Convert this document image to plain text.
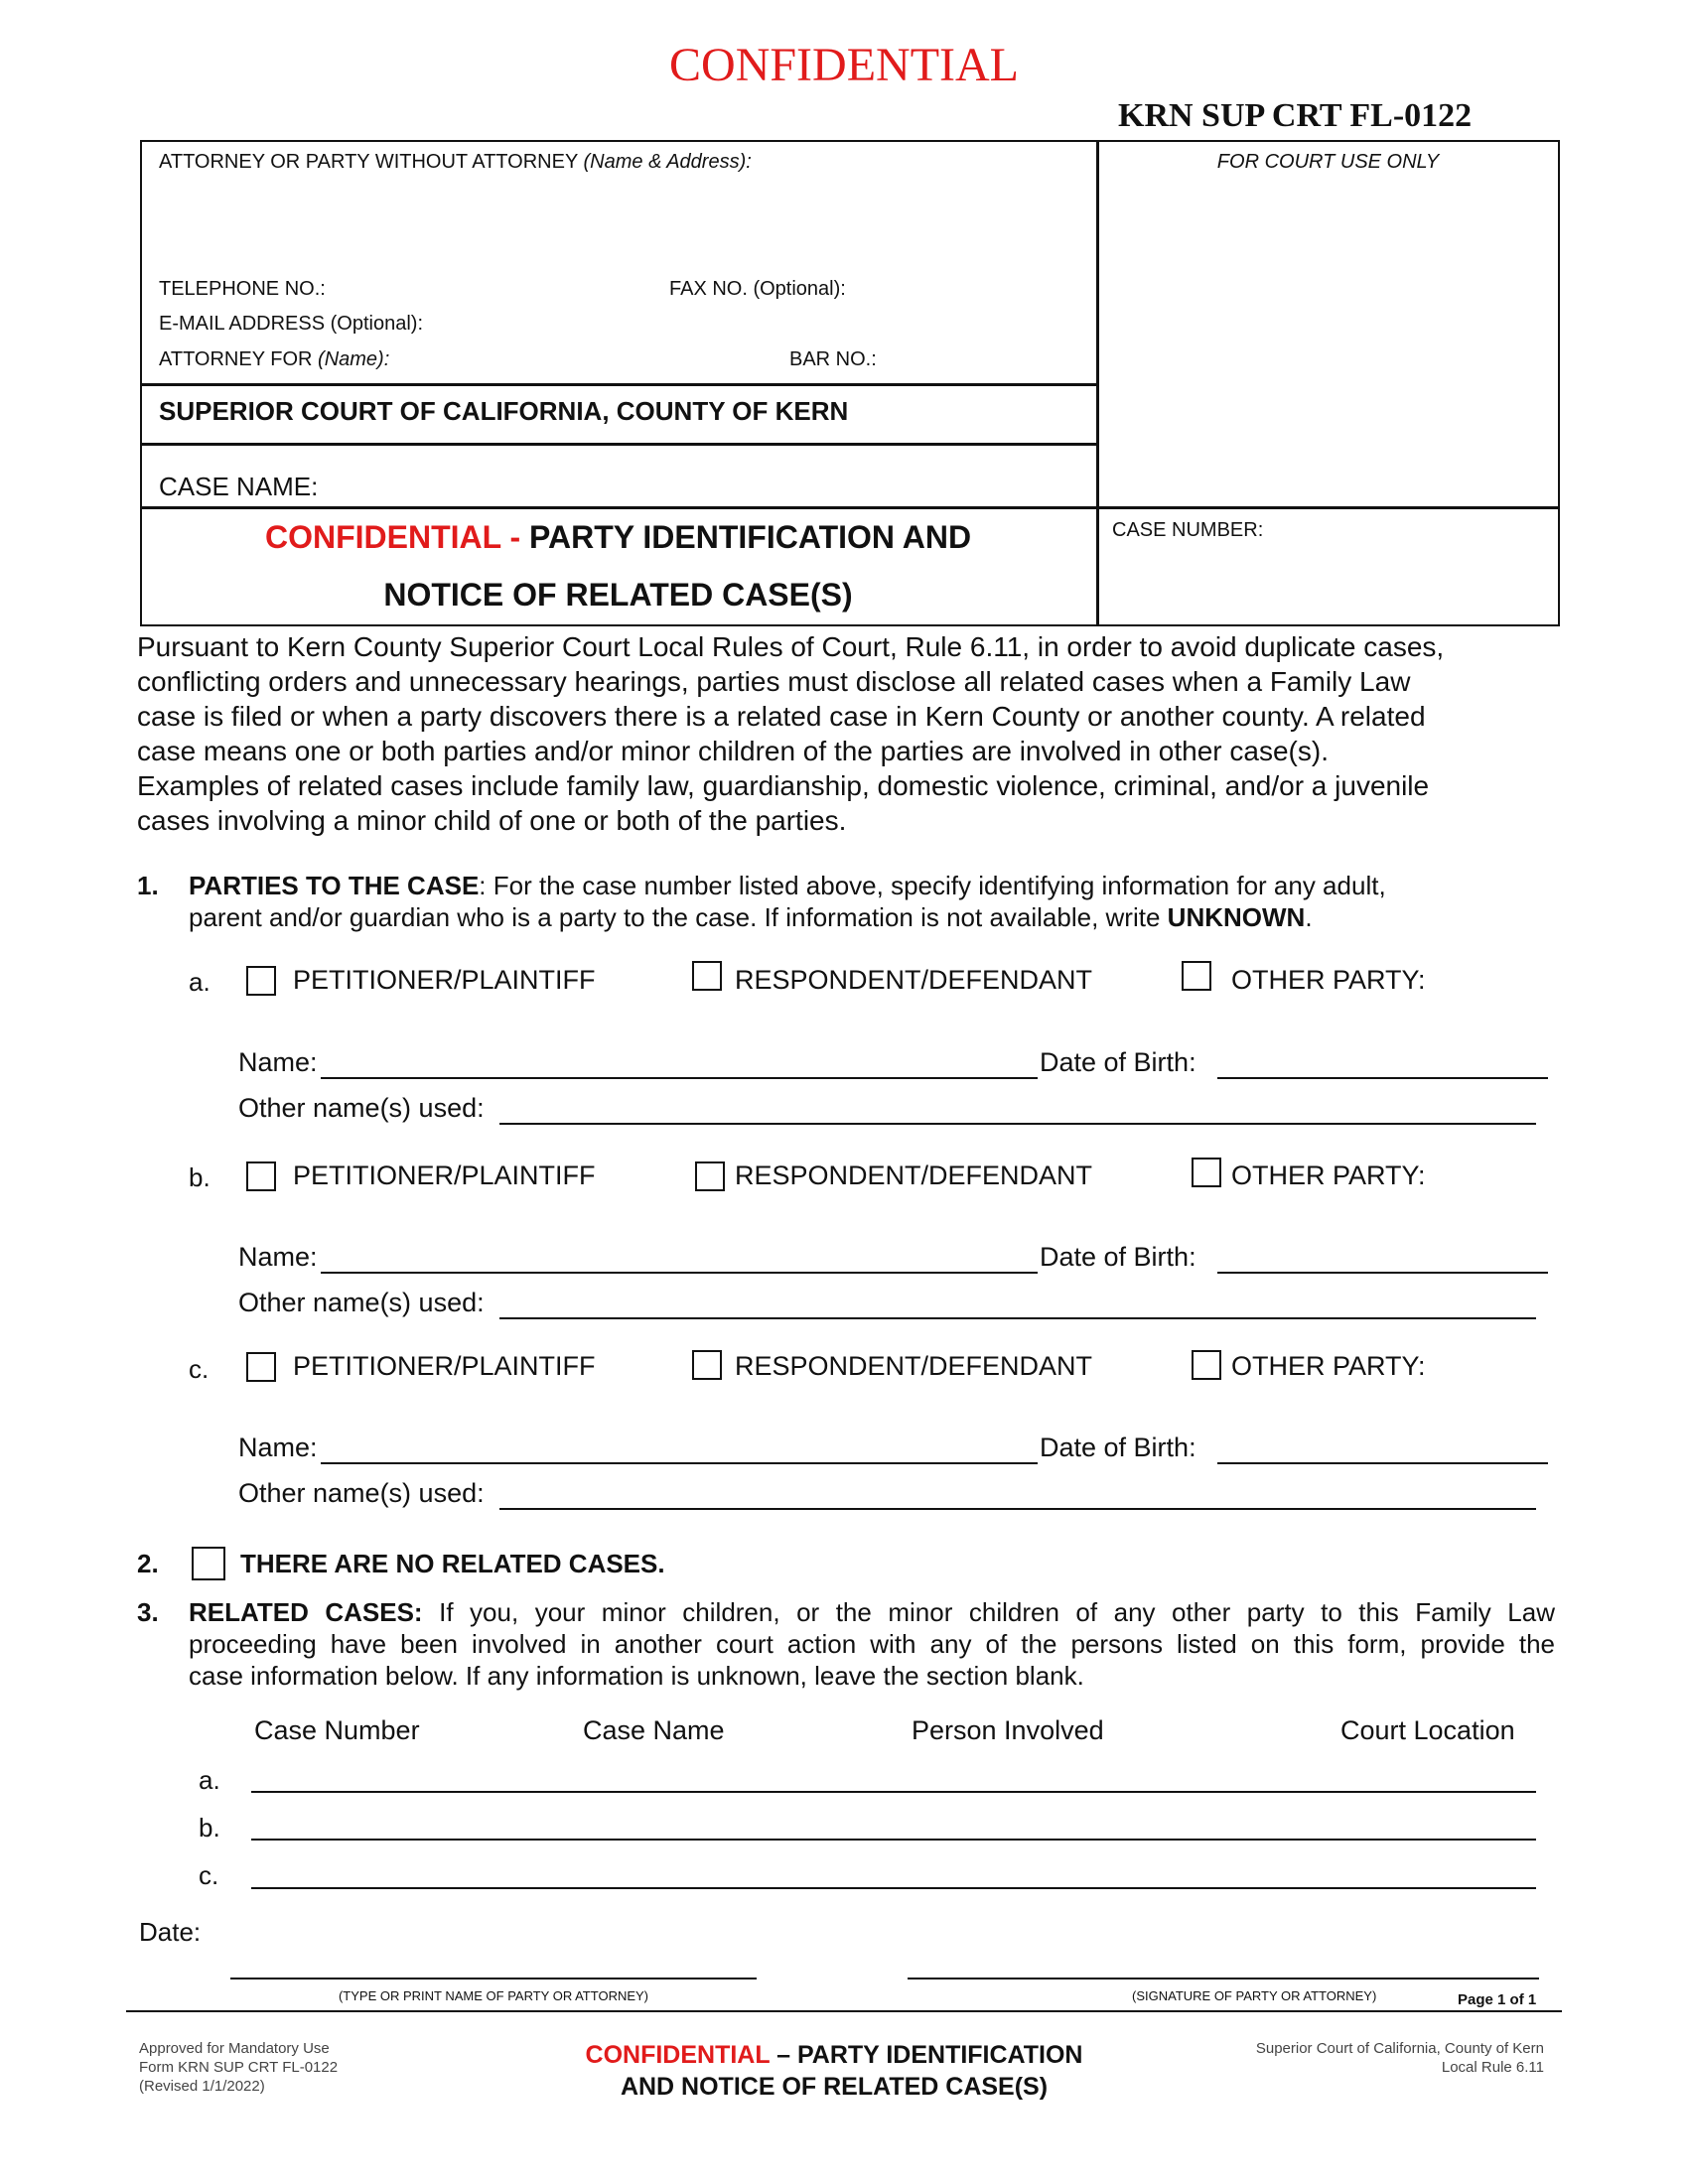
CONFIDENTIAL
KRN SUP CRT FL-0122
ATTORNEY OR PARTY WITHOUT ATTORNEY (Name & Address):	FOR COURT USE ONLY
TELEPHONE NO.:	FAX NO. (Optional):
E-MAIL ADDRESS (Optional):
ATTORNEY FOR (Name):	BAR NO.:
SUPERIOR COURT OF CALIFORNIA, COUNTY OF KERN
CASE NAME:
CONFIDENTIAL - PARTY IDENTIFICATION AND
NOTICE OF RELATED CASE(S)
CASE NUMBER:
Pursuant to Kern County Superior Court Local Rules of Court, Rule 6.11, in order to avoid duplicate cases,
conflicting orders and unnecessary hearings, parties must disclose all related cases when a Family Law
case is filed or when a party discovers there is a related case in Kern County or another county. A related
case means one or both parties and/or minor children of the parties are involved in other case(s).
Examples of related cases include family law, guardianship, domestic violence, criminal, and/or a juvenile
cases involving a minor child of one or both of the parties.
1. PARTIES TO THE CASE: For the case number listed above, specify identifying information for any adult,
parent and/or guardian who is a party to the case. If information is not available, write UNKNOWN.
a.	PETITIONER/PLAINTIFF	RESPONDENT/DEFENDANT	OTHER PARTY:
Name:	Date of Birth:
Other name(s) used:
b.	PETITIONER/PLAINTIFF	RESPONDENT/DEFENDANT	OTHER PARTY:
Name:	Date of Birth:
Other name(s) used:
c.	PETITIONER/PLAINTIFF	RESPONDENT/DEFENDANT	OTHER PARTY:
Name:	Date of Birth:
Other name(s) used:
2.	THERE ARE NO RELATED CASES.
3. RELATED CASES: If you, your minor children, or the minor children of any other party to this Family Law
proceeding have been involved in another court action with any of the persons listed on this form, provide the
case information below. If any information is unknown, leave the section blank.
Case Number	Case Name	Person Involved	Court Location
a.
b.
c.
Date:
(TYPE OR PRINT NAME OF PARTY OR ATTORNEY)	(SIGNATURE OF PARTY OR ATTORNEY)	Page 1 of 1
Approved for Mandatory Use
Form KRN SUP CRT FL-0122
(Revised 1/1/2022)
CONFIDENTIAL – PARTY IDENTIFICATION
AND NOTICE OF RELATED CASE(S)
Superior Court of California, County of Kern
Local Rule 6.11
